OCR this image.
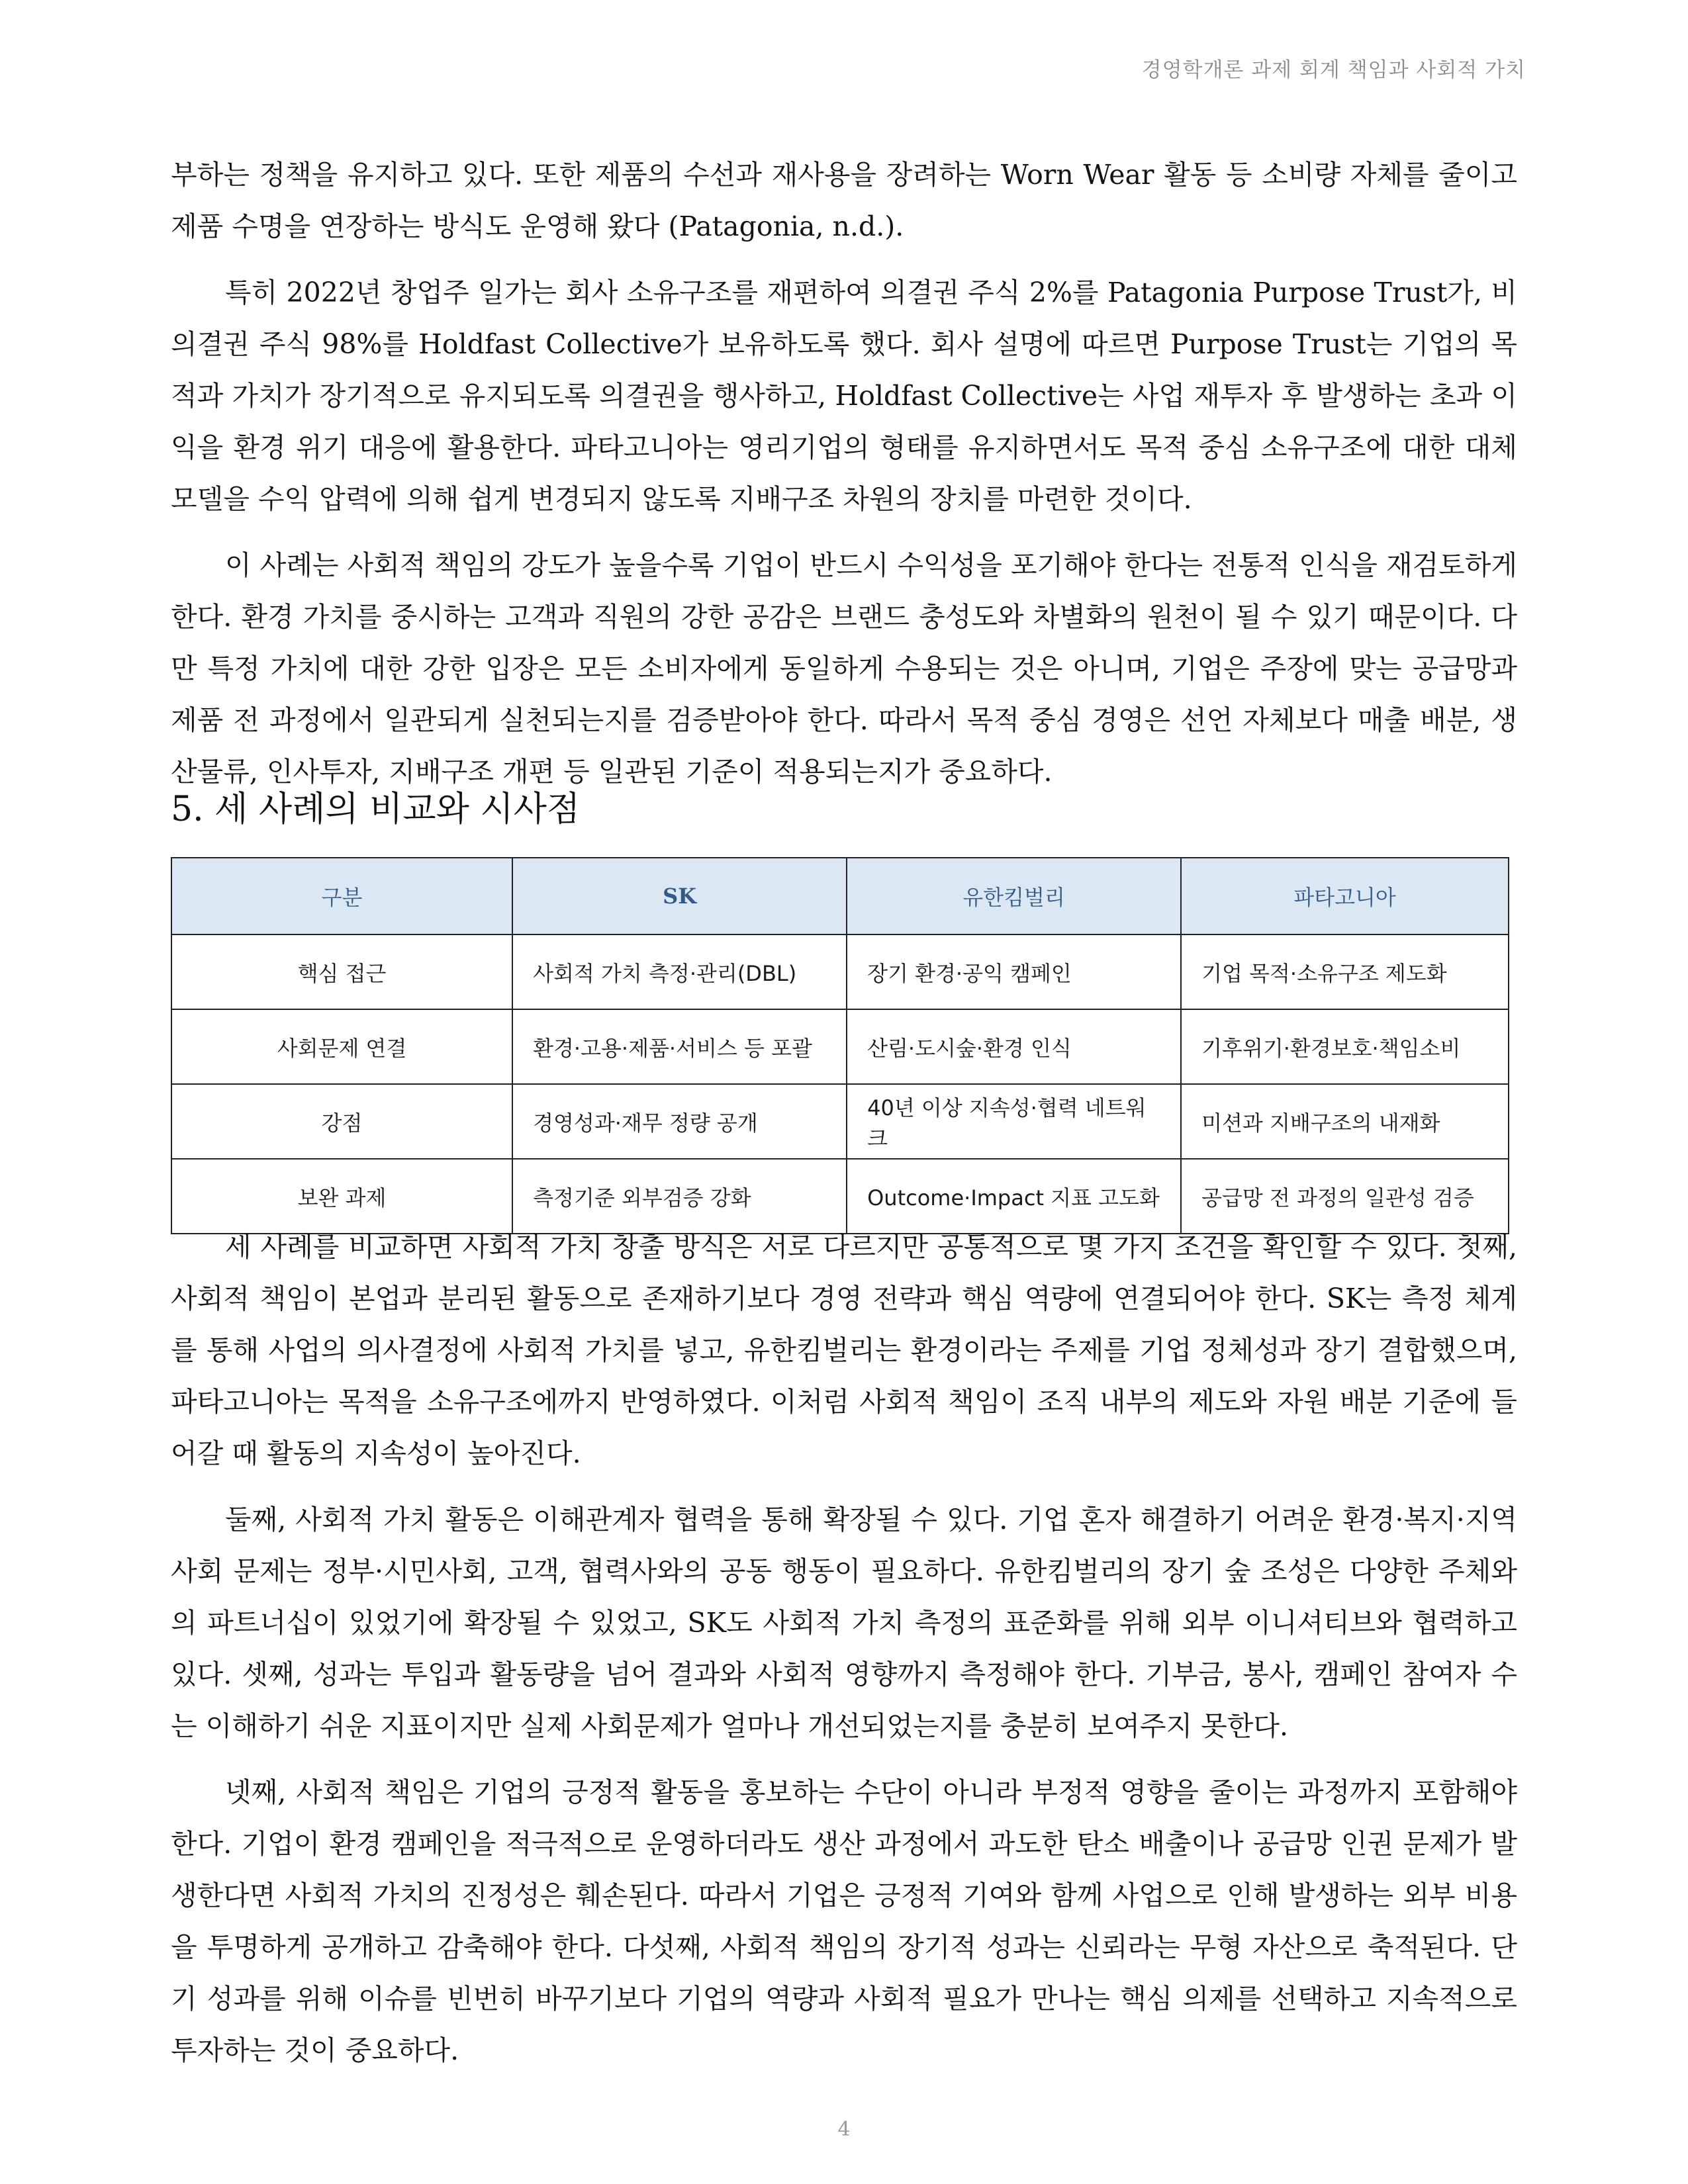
경영학개론 과제 회계 책임과 사회적 가치

부하는 정책을 유지하고 있다. 또한 제품의 수선과 재사용을 장려하는 Worn Wear 활동 등 소비량 자체를 줄이고 제품 수명을 연장하는 방식도 운영해 왔다 (Patagonia, n.d.).

특히 2022년 창업주 일가는 회사 소유구조를 재편하여 의결권 주식 2%를 Patagonia Purpose Trust가, 비의결권 주식 98%를 Holdfast Collective가 보유하도록 했다. 회사 설명에 따르면 Purpose Trust는 기업의 목적과 가치가 장기적으로 유지되도록 의결권을 행사하고, Holdfast Collective는 사업 재투자 후 발생하는 초과 이익을 환경 위기 대응에 활용한다. 파타고니아는 영리기업의 형태를 유지하면서도 목적 중심 소유구조에 대한 대체 모델을 수익 압력에 의해 쉽게 변경되지 않도록 지배구조 차원의 장치를 마련한 것이다.

이 사례는 사회적 책임의 강도가 높을수록 기업이 반드시 수익성을 포기해야 한다는 전통적 인식을 재검토하게 한다. 환경 가치를 중시하는 고객과 직원의 강한 공감은 브랜드 충성도와 차별화의 원천이 될 수 있기 때문이다. 다만 특정 가치에 대한 강한 입장은 모든 소비자에게 동일하게 수용되는 것은 아니며, 기업은 주장에 맞는 공급망과 제품 전 과정에서 일관되게 실천되는지를 검증받아야 한다. 따라서 목적 중심 경영은 선언 자체보다 매출 배분, 생산물류, 인사투자, 지배구조 개편 등 일관된 기준이 적용되는지가 중요하다.

5. 세 사례의 비교와 시사점
구분	SK	유한킴벌리	파타고니아
핵심 접근	사회적 가치 측정·관리(DBL)	장기 환경·공익 캠페인	기업 목적·소유구조 제도화
사회문제 연결	환경·고용·제품·서비스 등 포괄	산림·도시숲·환경 인식	기후위기·환경보호·책임소비
강점	경영성과·재무 정량 공개	40년 이상 지속성·협력 네트워크	미션과 지배구조의 내재화
보완 과제	측정기준 외부검증 강화	Outcome·Impact 지표 고도화	공급망 전 과정의 일관성 검증

세 사례를 비교하면 사회적 가치 창출 방식은 서로 다르지만 공통적으로 몇 가지 조건을 확인할 수 있다. 첫째, 사회적 책임이 본업과 분리된 활동으로 존재하기보다 경영 전략과 핵심 역량에 연결되어야 한다. SK는 측정 체계를 통해 사업의 의사결정에 사회적 가치를 넣고, 유한킴벌리는 환경이라는 주제를 기업 정체성과 장기 결합했으며, 파타고니아는 목적을 소유구조에까지 반영하였다. 이처럼 사회적 책임이 조직 내부의 제도와 자원 배분 기준에 들어갈 때 활동의 지속성이 높아진다.

둘째, 사회적 가치 활동은 이해관계자 협력을 통해 확장될 수 있다. 기업 혼자 해결하기 어려운 환경·복지·지역사회 문제는 정부·시민사회, 고객, 협력사와의 공동 행동이 필요하다. 유한킴벌리의 장기 숲 조성은 다양한 주체와의 파트너십이 있었기에 확장될 수 있었고, SK도 사회적 가치 측정의 표준화를 위해 외부 이니셔티브와 협력하고 있다. 셋째, 성과는 투입과 활동량을 넘어 결과와 사회적 영향까지 측정해야 한다. 기부금, 봉사, 캠페인 참여자 수는 이해하기 쉬운 지표이지만 실제 사회문제가 얼마나 개선되었는지를 충분히 보여주지 못한다.

넷째, 사회적 책임은 기업의 긍정적 활동을 홍보하는 수단이 아니라 부정적 영향을 줄이는 과정까지 포함해야 한다. 기업이 환경 캠페인을 적극적으로 운영하더라도 생산 과정에서 과도한 탄소 배출이나 공급망 인권 문제가 발생한다면 사회적 가치의 진정성은 훼손된다. 따라서 기업은 긍정적 기여와 함께 사업으로 인해 발생하는 외부 비용을 투명하게 공개하고 감축해야 한다. 다섯째, 사회적 책임의 장기적 성과는 신뢰라는 무형 자산으로 축적된다. 단기 성과를 위해 이슈를 빈번히 바꾸기보다 기업의 역량과 사회적 필요가 만나는 핵심 의제를 선택하고 지속적으로 투자하는 것이 중요하다.

4
